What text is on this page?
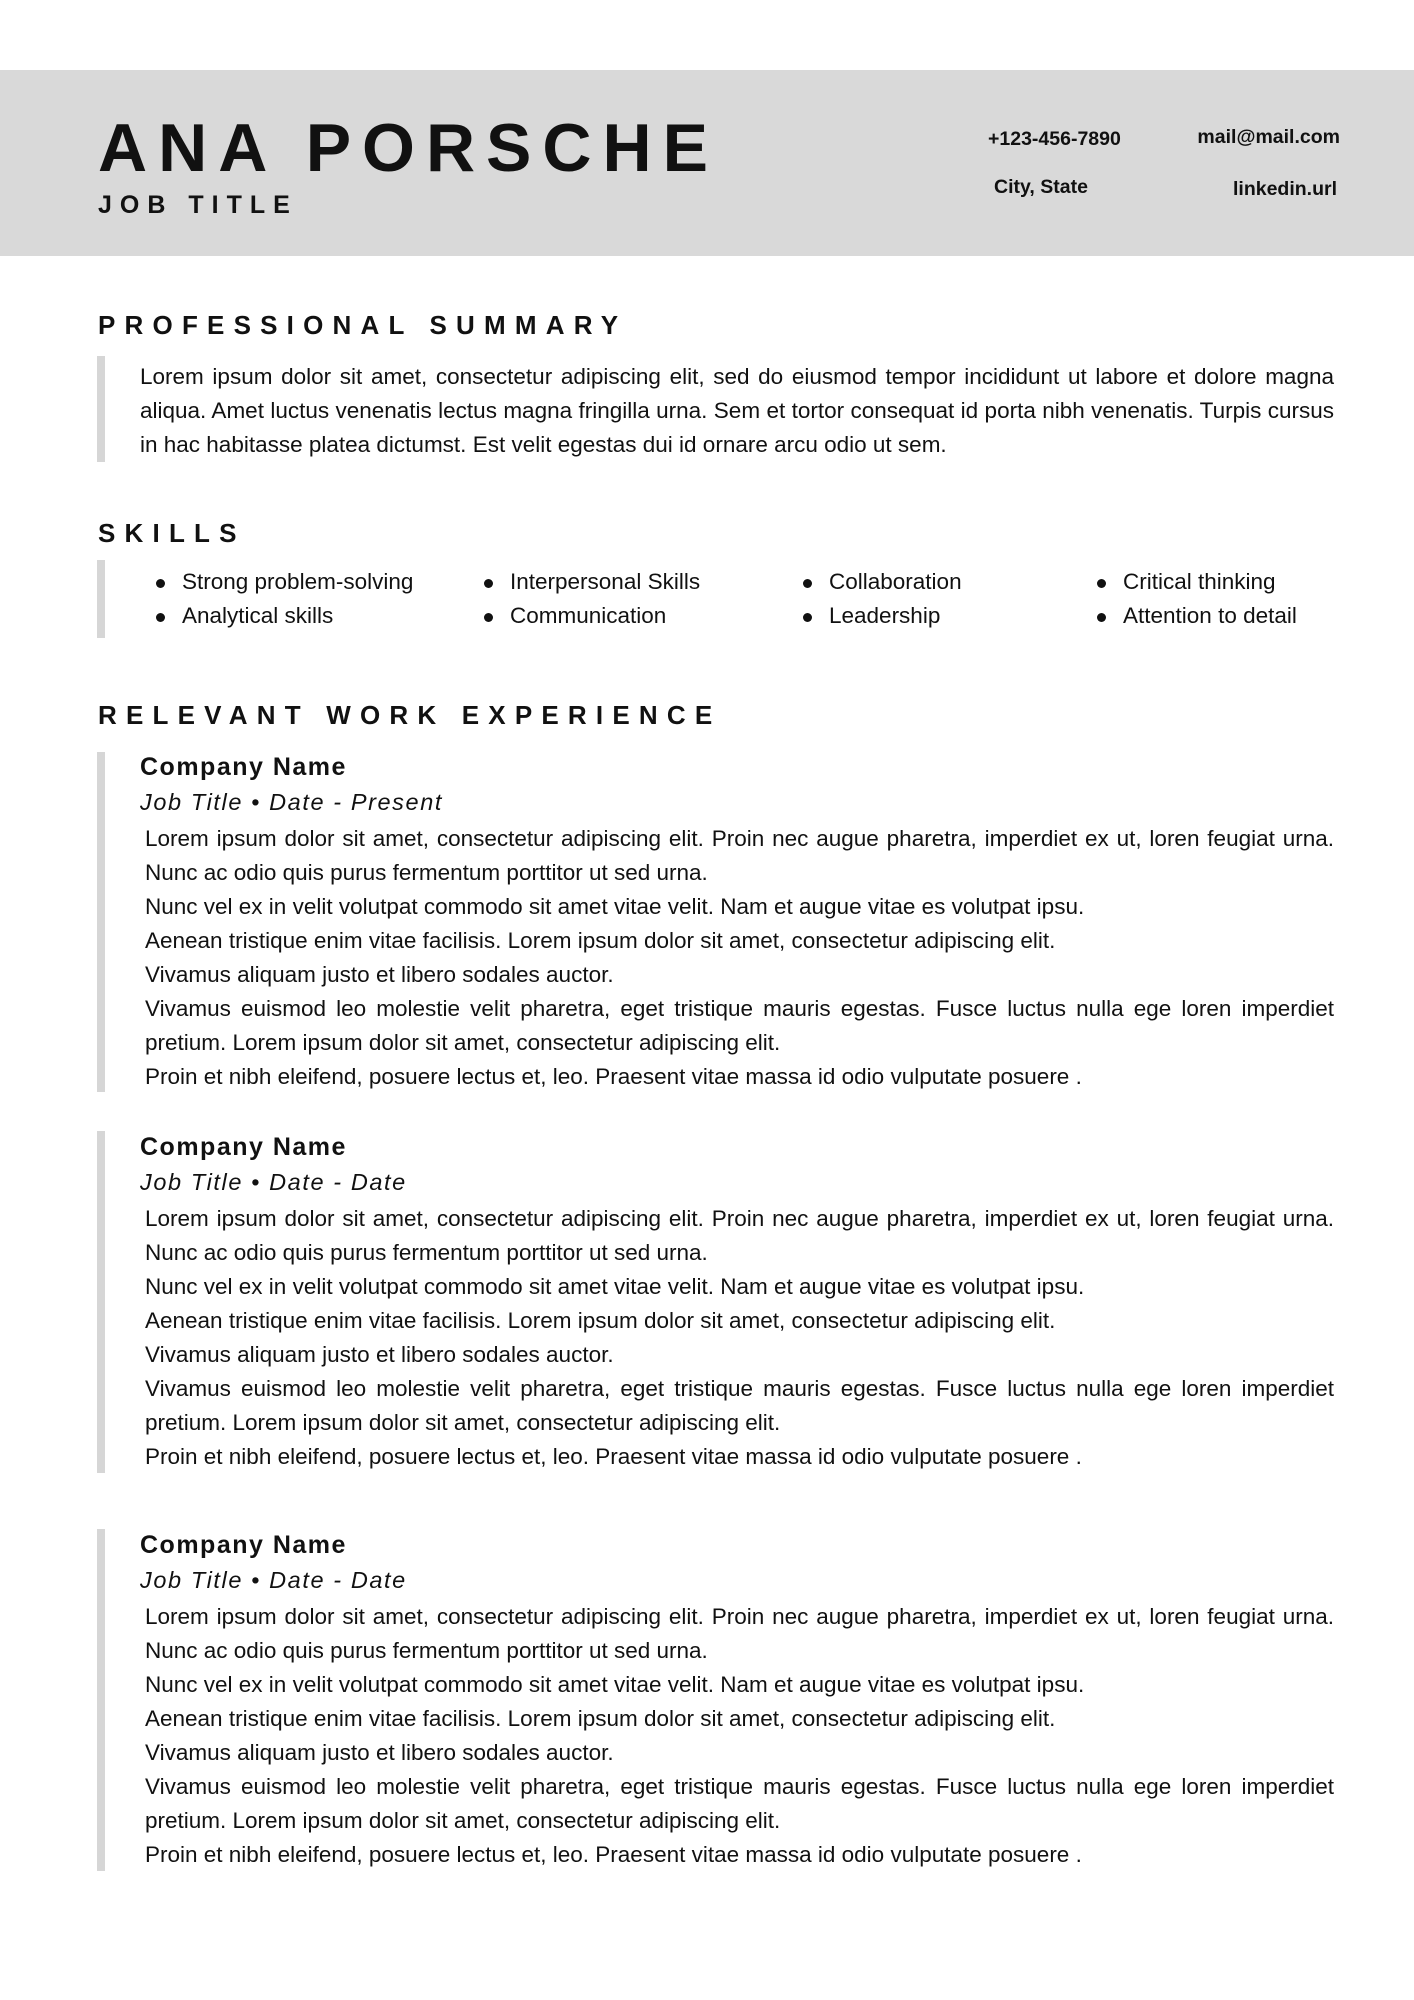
ANA PORSCHE
JOB TITLE
+123-456-7890
City, State
mail@mail.com
linkedin.url
PROFESSIONAL SUMMARY

Lorem ipsum dolor sit amet, consectetur adipiscing elit, sed do eiusmod tempor incididunt ut labore et dolore magna aliqua. Amet luctus venenatis lectus magna fringilla urna. Sem et tortor consequat id porta nibh venenatis. Turpis cursus in hac habitasse platea dictumst. Est velit egestas dui id ornare arcu odio ut sem.

SKILLS
Strong problem-solving
Analytical skills
Interpersonal Skills
Communication
Collaboration
Leadership
Critical thinking
Attention to detail
RELEVANT WORK EXPERIENCE
Company Name
Job Title • Date - Present
Lorem ipsum dolor sit amet, consectetur adipiscing elit. Proin nec augue pharetra, imperdiet ex ut, loren feugiat urna. Nunc ac odio quis purus fermentum porttitor ut sed urna.
Nunc vel ex in velit volutpat commodo sit amet vitae velit. Nam et augue vitae es volutpat ipsu.
Aenean tristique enim vitae facilisis. Lorem ipsum dolor sit amet, consectetur adipiscing elit.
Vivamus aliquam justo et libero sodales auctor.
Vivamus euismod leo molestie velit pharetra, eget tristique mauris egestas. Fusce luctus nulla ege loren imperdiet pretium. Lorem ipsum dolor sit amet, consectetur adipiscing elit.
Proin et nibh eleifend, posuere lectus et, leo. Praesent vitae massa id odio vulputate posuere .
Company Name
Job Title • Date - Date
Lorem ipsum dolor sit amet, consectetur adipiscing elit. Proin nec augue pharetra, imperdiet ex ut, loren feugiat urna. Nunc ac odio quis purus fermentum porttitor ut sed urna.
Nunc vel ex in velit volutpat commodo sit amet vitae velit. Nam et augue vitae es volutpat ipsu.
Aenean tristique enim vitae facilisis. Lorem ipsum dolor sit amet, consectetur adipiscing elit.
Vivamus aliquam justo et libero sodales auctor.
Vivamus euismod leo molestie velit pharetra, eget tristique mauris egestas. Fusce luctus nulla ege loren imperdiet pretium. Lorem ipsum dolor sit amet, consectetur adipiscing elit.
Proin et nibh eleifend, posuere lectus et, leo. Praesent vitae massa id odio vulputate posuere .
Company Name
Job Title • Date - Date
Lorem ipsum dolor sit amet, consectetur adipiscing elit. Proin nec augue pharetra, imperdiet ex ut, loren feugiat urna. Nunc ac odio quis purus fermentum porttitor ut sed urna.
Nunc vel ex in velit volutpat commodo sit amet vitae velit. Nam et augue vitae es volutpat ipsu.
Aenean tristique enim vitae facilisis. Lorem ipsum dolor sit amet, consectetur adipiscing elit.
Vivamus aliquam justo et libero sodales auctor.
Vivamus euismod leo molestie velit pharetra, eget tristique mauris egestas. Fusce luctus nulla ege loren imperdiet pretium. Lorem ipsum dolor sit amet, consectetur adipiscing elit.
Proin et nibh eleifend, posuere lectus et, leo. Praesent vitae massa id odio vulputate posuere .
